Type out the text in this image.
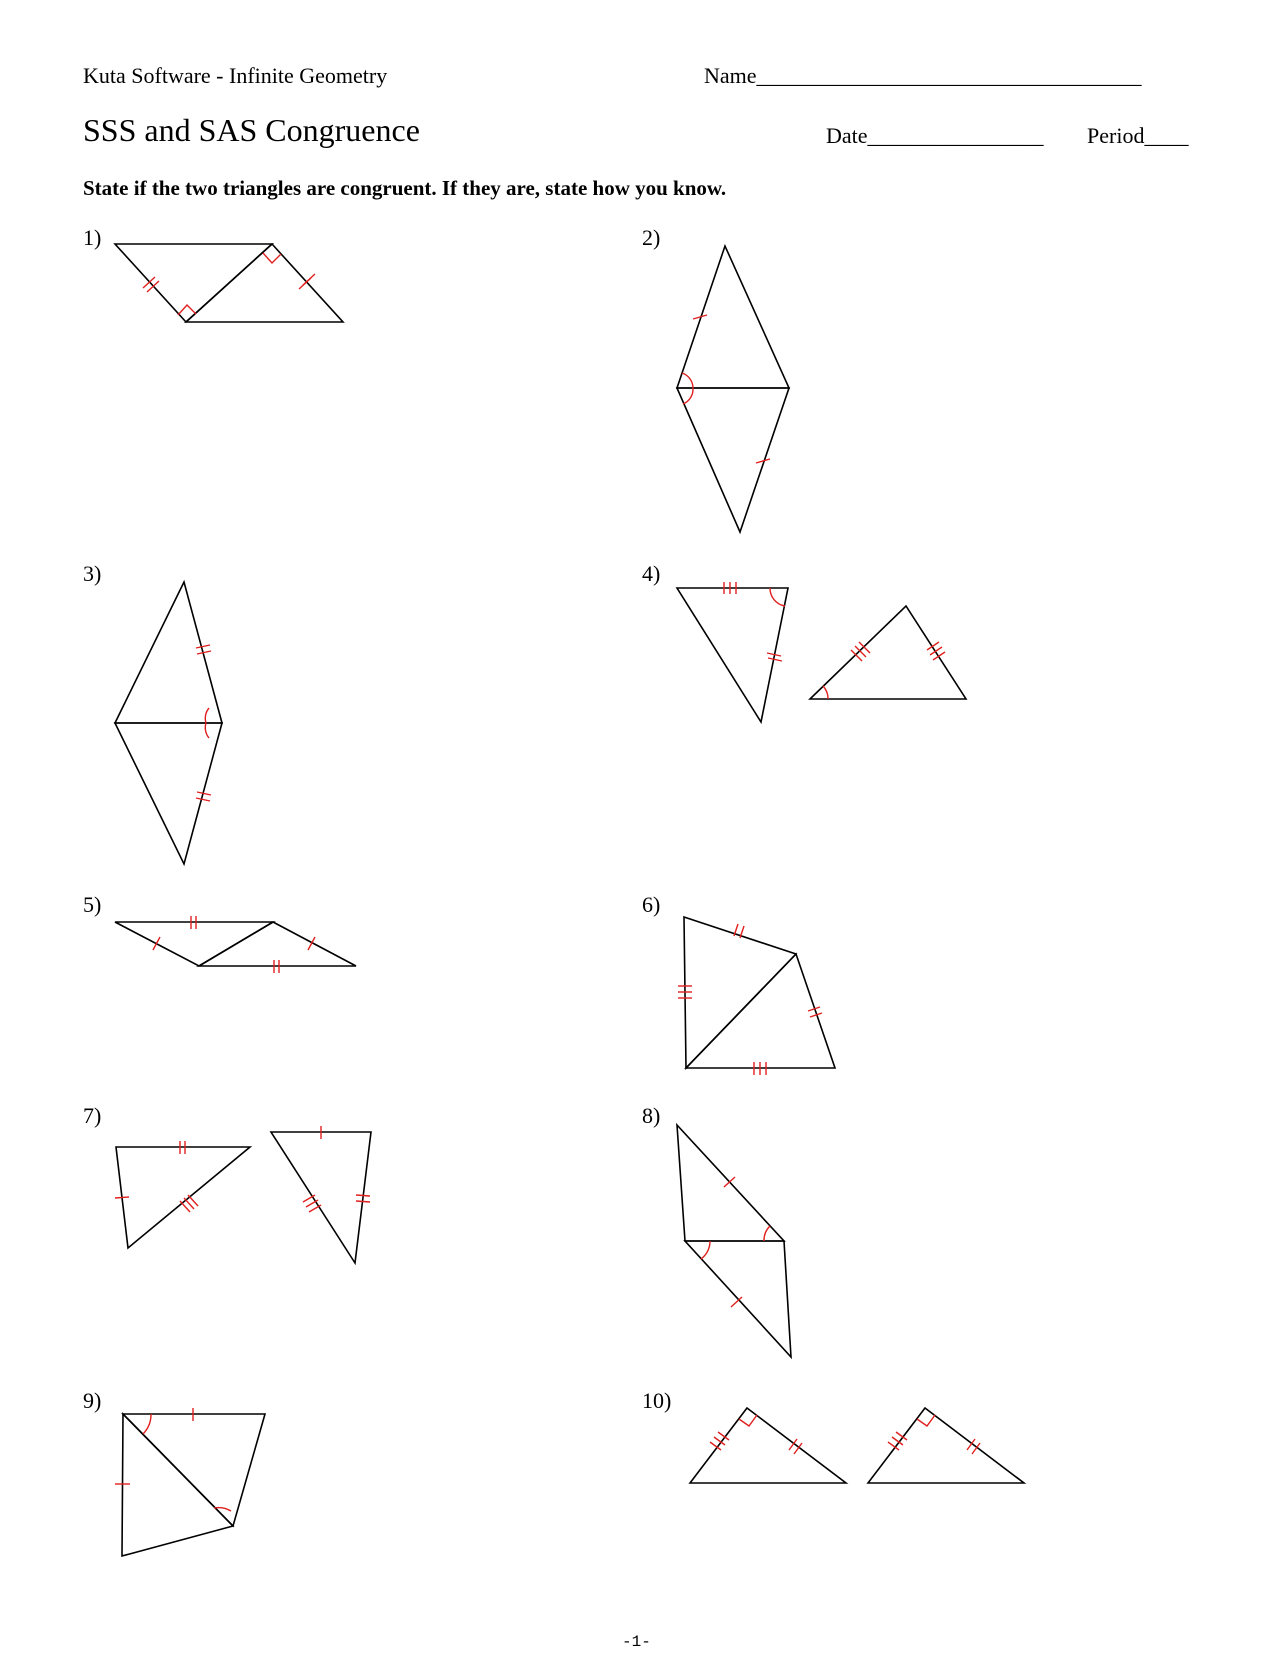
Kuta Software - Infinite Geometry	Name___________________________________
SSS and SAS Congruence	Date________________ Period____
State if the two triangles are congruent. If they are, state how you know.
1)	2)
3)	4)
5)	6)
7)	8)
9)	10)
-1-
